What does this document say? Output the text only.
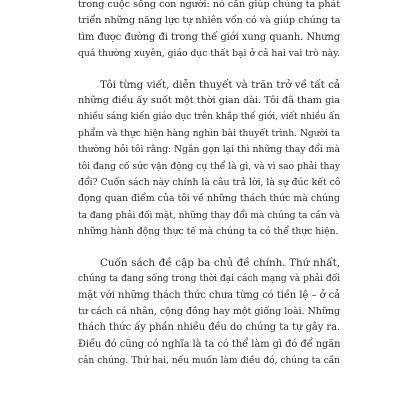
trong cuộc sống con người: nó cần giúp chúng ta phát
triển những năng lực tự nhiên vốn có và giúp chúng ta
tìm được đường đi trong thế giới xung quanh. Nhưng
quá thường xuyên, giáo dục thất bại ở cả hai vai trò này.

Tôi từng viết, diễn thuyết và trăn trở về tất cả
những điều ấy suốt một thời gian dài. Tôi đã tham gia
nhiều sáng kiến giáo dục trên khắp thế giới, viết nhiều ấn
phẩm và thực hiện hàng nghìn bài thuyết trình. Người ta
thường hỏi tôi rằng: Ngắn gọn lại thì những thay đổi mà
tôi đang cố sức vận động cụ thể là gì, và vì sao phải thay
đổi? Cuốn sách này chính là câu trả lời, là sự đúc kết cô
đọng quan điểm của tôi về những thách thức mà chúng
ta đang phải đối mặt, những thay đổi mà chúng ta cần và
những hành động thực tế mà chúng ta có thể thực hiện.

Cuốn sách đề cập ba chủ đề chính. Thứ nhất,
chúng ta đang sống trong thời đại cách mạng và phải đối
mặt với những thách thức chưa từng có tiền lệ – ở cả
tư cách cá nhân, cộng đồng hay một giống loài. Những
thách thức ấy phần nhiều đều do chúng ta tự gây ra.
Điều đó cũng có nghĩa là ta có thể làm gì đó để ngăn
cản chúng. Thứ hai, nếu muốn làm điều đó, chúng ta cần
